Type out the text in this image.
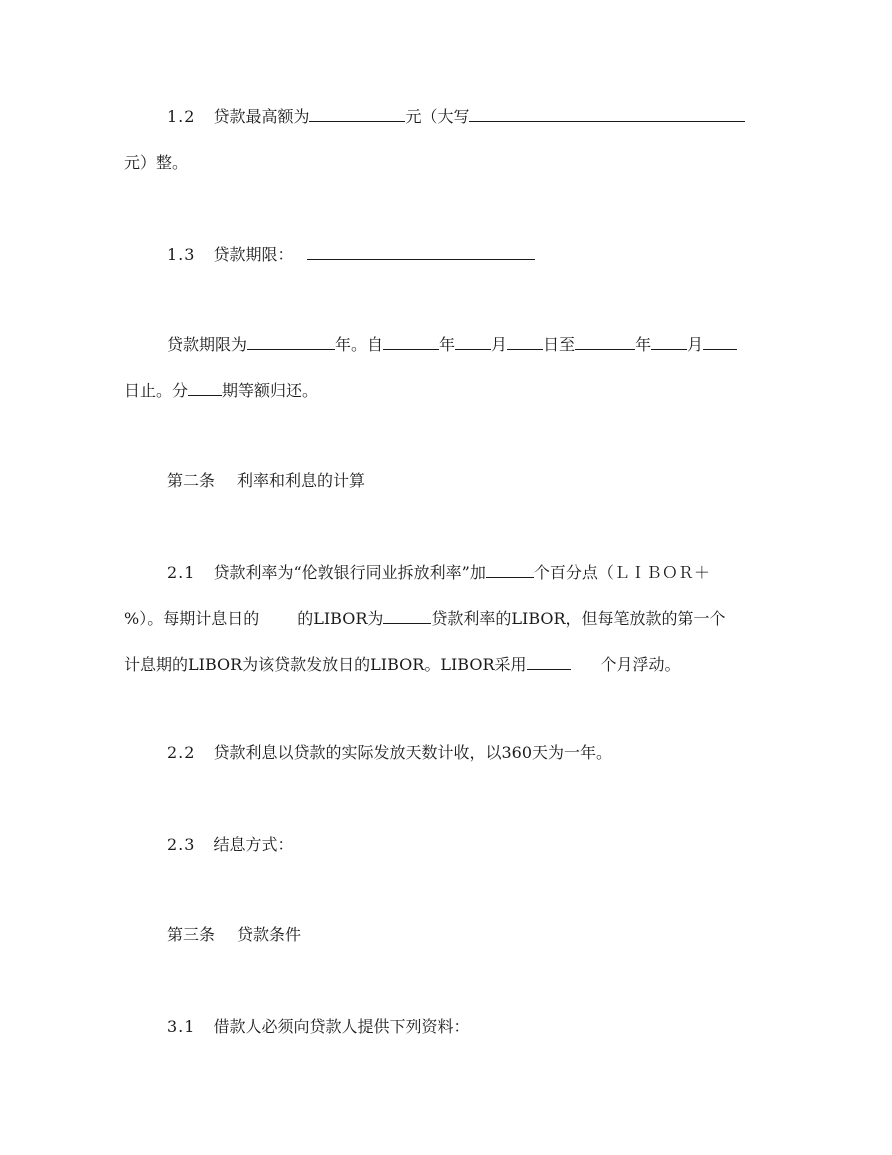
1.2 贷款最高额为	元（大写
元）整。
1.3 贷款期限：
贷款期限为	年。自	年 月 日至	年 月
日止。分 期等额归还。
第二条 利率和利息的计算
2.1 贷款利率为“伦敦银行同业拆放利率”加	个百分点（ＬＩＢＯＲ＋
%）。每期计息日的 的LIBOR为	贷款利率的LIBOR，但每笔放款的第一个
计息期的LIBOR为该贷款发放日的LIBOR。LIBOR采用	个月浮动。
2.2 贷款利息以贷款的实际发放天数计收，以360天为一年。
2.3 结息方式：
第三条 贷款条件
3.1 借款人必须向贷款人提供下列资料：
